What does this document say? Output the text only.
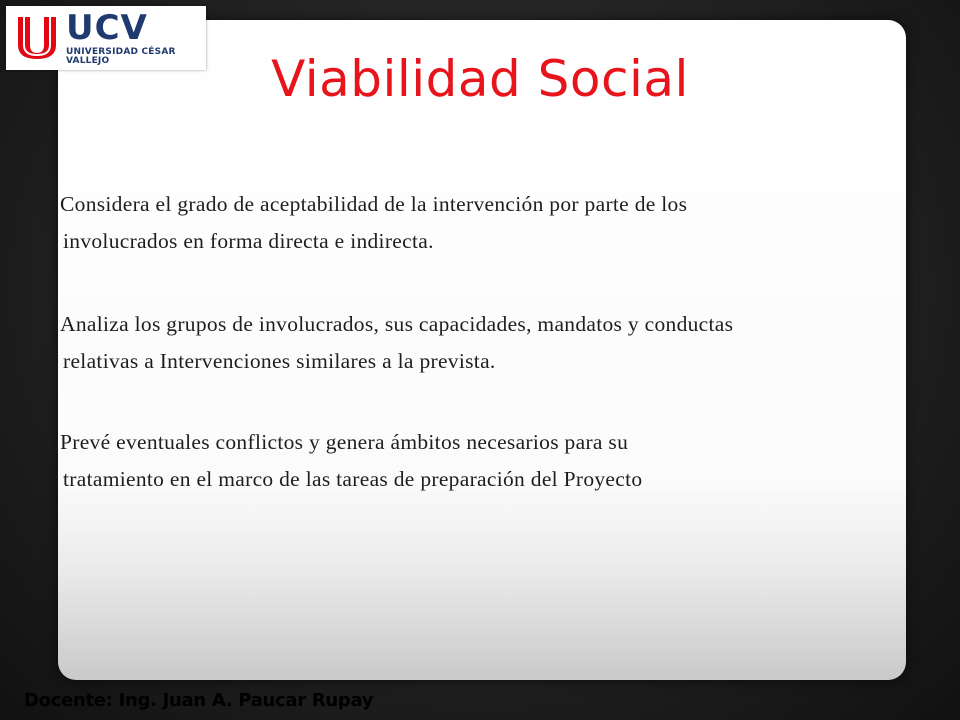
UCV
UNIVERSIDAD CÉSAR VALLEJO	Viabilidad Social
Considera el grado de aceptabilidad de la intervención por parte de los
involucrados en forma directa e indirecta.
Analiza los grupos de involucrados, sus capacidades, mandatos y conductas
relativas a Intervenciones similares a la prevista.
Prevé eventuales conflictos y genera ámbitos necesarios para su
tratamiento en el marco de las tareas de preparación del Proyecto
Docente: Ing. Juan A. Paucar Rupay
